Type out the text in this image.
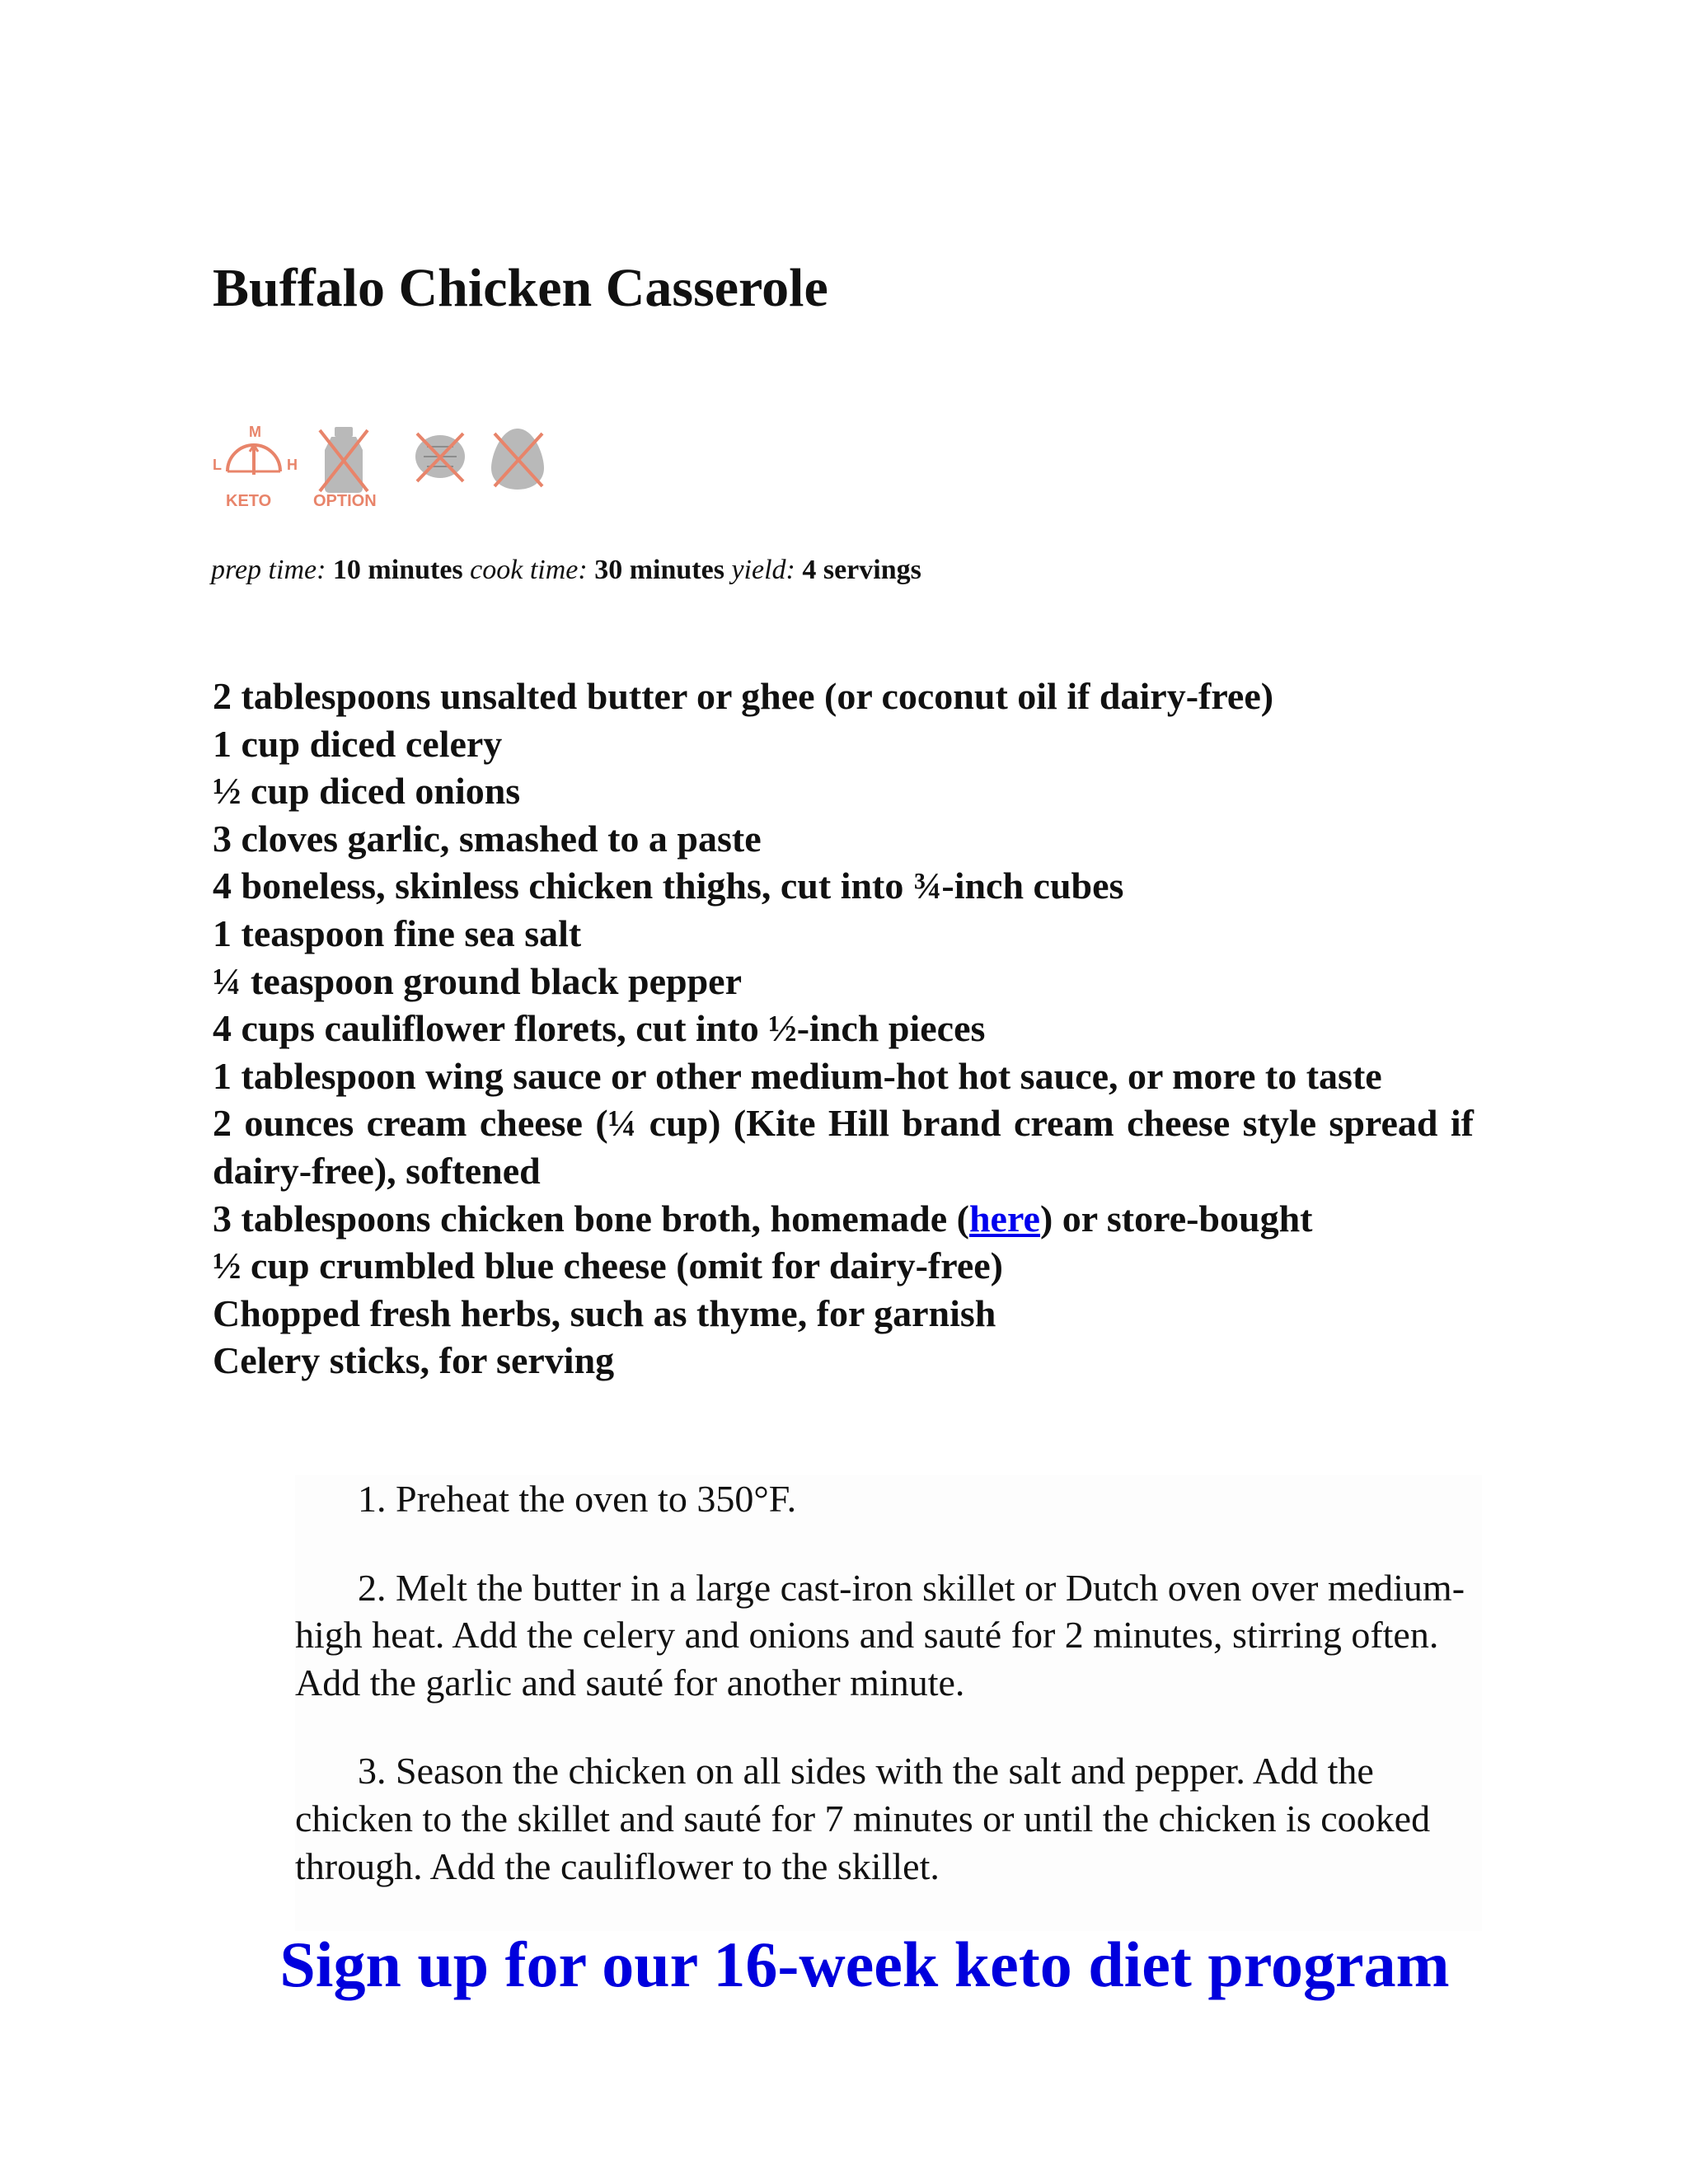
Buffalo Chicken Casserole
M
L	H
KETO	OPTION
prep time: 10 minutes cook time: 30 minutes yield: 4 servings
2 tablespoons unsalted butter or ghee (or coconut oil if dairy-free)
1 cup diced celery
½ cup diced onions
3 cloves garlic, smashed to a paste
4 boneless, skinless chicken thighs, cut into ¾-inch cubes
1 teaspoon fine sea salt
¼ teaspoon ground black pepper
4 cups cauliflower florets, cut into ½-inch pieces
1 tablespoon wing sauce or other medium-hot hot sauce, or more to taste
2 ounces cream cheese (¼ cup) (Kite Hill brand cream cheese style spread if dairy-free), softened
3 tablespoons chicken bone broth, homemade (here) or store-bought
½ cup crumbled blue cheese (omit for dairy-free)
Chopped fresh herbs, such as thyme, for garnish
Celery sticks, for serving
1. Preheat the oven to 350°F.
2. Melt the butter in a large cast-iron skillet or Dutch oven over medium-high heat. Add the celery and onions and sauté for 2 minutes, stirring often. Add the garlic and sauté for another minute.
3. Season the chicken on all sides with the salt and pepper. Add the chicken to the skillet and sauté for 7 minutes or until the chicken is cooked through. Add the cauliflower to the skillet.
Sign up for our 16-week keto diet program
